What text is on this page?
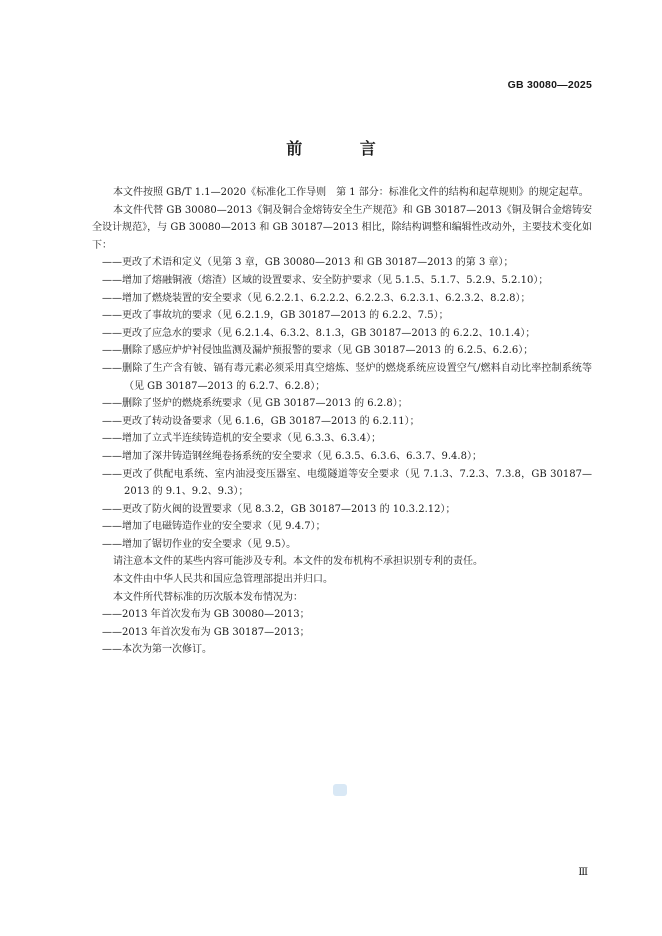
GB 30080—2025
前 言

本文件按照 GB/T 1.1—2020《标准化工作导则　第 1 部分：标准化文件的结构和起草规则》的规定起草。

本文件代替 GB 30080—2013《铜及铜合金熔铸安全生产规范》和 GB 30187—2013《铜及铜合金熔铸安全设计规范》，与 GB 30080—2013 和 GB 30187—2013 相比，除结构调整和编辑性改动外，主要技术变化如下：

——更改了术语和定义（见第 3 章，GB 30080—2013 和 GB 30187—2013 的第 3 章）；

——增加了熔融铜液（熔渣）区域的设置要求、安全防护要求（见 5.1.5、5.1.7、5.2.9、5.2.10）；

——增加了燃烧装置的安全要求（见 6.2.2.1、6.2.2.2、6.2.2.3、6.2.3.1、6.2.3.2、8.2.8）；

——更改了事故坑的要求（见 6.2.1.9，GB 30187—2013 的 6.2.2、7.5）；

——更改了应急水的要求（见 6.2.1.4、6.3.2、8.1.3，GB 30187—2013 的 6.2.2、10.1.4）；

——删除了感应炉炉衬侵蚀监测及漏炉预报警的要求（见 GB 30187—2013 的 6.2.5、6.2.6）；

——删除了生产含有铍、镉有毒元素必须采用真空熔炼、竖炉的燃烧系统应设置空气/燃料自动比率控制系统等（见 GB 30187—2013 的 6.2.7、6.2.8）；

——删除了竖炉的燃烧系统要求（见 GB 30187—2013 的 6.2.8）；

——更改了转动设备要求（见 6.1.6，GB 30187—2013 的 6.2.11）；

——增加了立式半连续铸造机的安全要求（见 6.3.3、6.3.4）；

——增加了深井铸造钢丝绳卷扬系统的安全要求（见 6.3.5、6.3.6、6.3.7、9.4.8）；

——更改了供配电系统、室内油浸变压器室、电缆隧道等安全要求（见 7.1.3、7.2.3、7.3.8，GB 30187—2013 的 9.1、9.2、9.3）；

——更改了防火阀的设置要求（见 8.3.2，GB 30187—2013 的 10.3.2.12）；

——增加了电磁铸造作业的安全要求（见 9.4.7）；

——增加了锯切作业的安全要求（见 9.5）。

请注意本文件的某些内容可能涉及专利。本文件的发布机构不承担识别专利的责任。

本文件由中华人民共和国应急管理部提出并归口。

本文件所代替标准的历次版本发布情况为：

——2013 年首次发布为 GB 30080—2013；

——2013 年首次发布为 GB 30187—2013；

——本次为第一次修订。

Ⅲ
